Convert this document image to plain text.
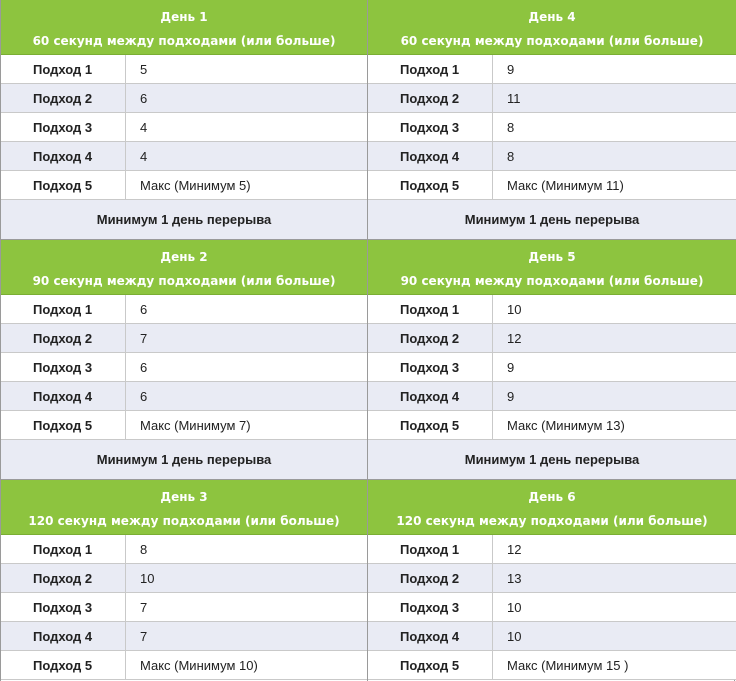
День 1
60 секунд между подходами (или больше)
Подход 1	5
Подход 2	6
Подход 3	4
Подход 4	4
Подход 5	Макс (Минимум 5)
Минимум 1 день перерыва
День 4
60 секунд между подходами (или больше)
Подход 1	9
Подход 2	11
Подход 3	8
Подход 4	8
Подход 5	Макс (Минимум 11)
Минимум 1 день перерыва
День 2
90 секунд между подходами (или больше)
Подход 1	6
Подход 2	7
Подход 3	6
Подход 4	6
Подход 5	Макс (Минимум 7)
Минимум 1 день перерыва
День 5
90 секунд между подходами (или больше)
Подход 1	10
Подход 2	12
Подход 3	9
Подход 4	9
Подход 5	Макс (Минимум 13)
Минимум 1 день перерыва
День 3
120 секунд между подходами (или больше)
Подход 1	8
Подход 2	10
Подход 3	7
Подход 4	7
Подход 5	Макс (Минимум 10)
День 6
120 секунд между подходами (или больше)
Подход 1	12
Подход 2	13
Подход 3	10
Подход 4	10
Подход 5	Макс (Минимум 15 )
